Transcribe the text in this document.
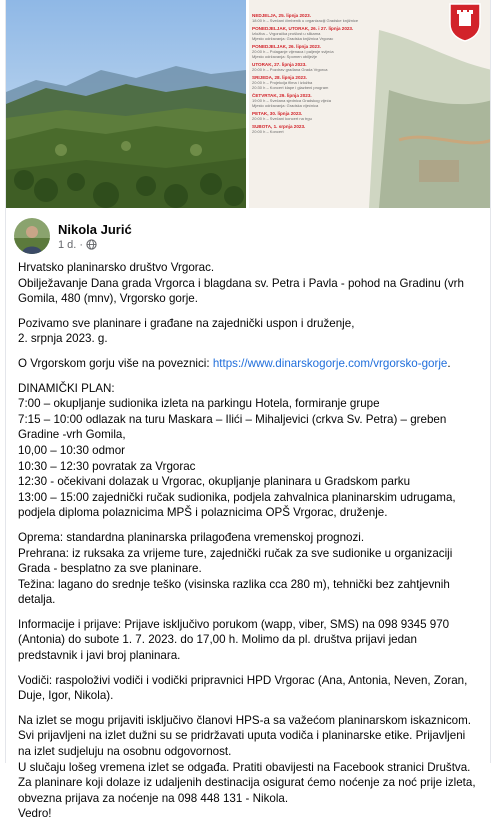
NEDJELJA, 25. lipnja 2023.
18:00 h – Svečani čimbenik u organizaciji Gradske knjižnice
PONEDJELJAK, UTORAK, 26. i 27. lipnja 2023.
Izložba – Vrgoračka prošlost u slikama
Mjesto održavanja: Gradska knjižnica Vrgorac
PONEDJELJAK, 26. lipnja 2023.
20:00 h – Polaganje vijenaca i paljenje svijeća
Mjesto održavanja: Spomen obilježje
UTORAK, 27. lipnja 2023.
20:00 h – Pozdrav građana Grada Vrgorca
SRIJEDA, 28. lipnja 2023.
20:00 h – Projekcija filma i izložba
20:30 h – Koncert klape i glazbeni program
ČETVRTAK, 29. lipnja 2023.
19:00 h – Svečana sjednica Gradskog vijeća
Mjesto održavanja: Gradska vijećnica
PETAK, 30. lipnja 2023.
20:00 h – Svečani koncert na trgu
SUBOTA, 1. srpnja 2023.
20:00 h – Koncert
Nikola Jurić
1 d. ·

Hrvatsko planinarsko društvo Vrgorac.
Obilježavanje Dana grada Vrgorca i blagdana sv. Petra i Pavla - pohod na Gradinu (vrh Gomila, 480 (mnv), Vrgorsko gorje.

Pozivamo sve planinare i građane na zajednički uspon i druženje,
2. srpnja 2023. g.

O Vrgorskom gorju više na poveznici: https://www.dinarskogorje.com/vrgorsko-gorje.

DINAMIČKI PLAN:
7:00 – okupljanje sudionika izleta na parkingu Hotela, formiranje grupe
7:15 – 10:00 odlazak na turu Maskara – Ilići – Mihaljevici (crkva Sv. Petra) – greben Gradine -vrh Gomila,
10,00 – 10:30 odmor
10:30 – 12:30 povratak za Vrgorac
12:30 - očekivani dolazak u Vrgorac, okupljanje planinara u Gradskom parku
13:00 – 15:00 zajednički ručak sudionika, podjela zahvalnica planinarskim udrugama, podjela diploma polaznicima MPŠ i polaznicima OPŠ Vrgorac, druženje.

Oprema: standardna planinarska prilagođena vremenskoj prognozi.
Prehrana: iz ruksaka za vrijeme ture, zajednički ručak za sve sudionike u organizaciji Grada - besplatno za sve planinare.
Težina: lagano do srednje teško (visinska razlika cca 280 m), tehnički bez zahtjevnih detalja.

Informacije i prijave: Prijave isključivo porukom (wapp, viber, SMS) na 098 9345 970 (Antonia) do subote 1. 7. 2023. do 17,00 h. Molimo da pl. društva prijavi jedan predstavnik i javi broj planinara.

Vodiči: raspoloživi vodiči i vodički pripravnici HPD Vrgorac (Ana, Antonia, Neven, Zoran, Duje, Igor, Nikola).

Na izlet se mogu prijaviti isključivo članovi HPS-a sa važećom planinarskom iskaznicom. Svi prijavljeni na izlet dužni su se pridržavati uputa vodiča i planinarske etike. Prijavljeni na izlet sudjeluju na osobnu odgovornost.
U slučaju lošeg vremena izlet se odgađa. Pratiti obavijesti na Facebook stranici Društva.
Za planinare koji dolaze iz udaljenih destinacija osigurat ćemo noćenje za noć prije izleta, obvezna prijava za noćenje na 098 448 131 - Nikola.
Vedro!
